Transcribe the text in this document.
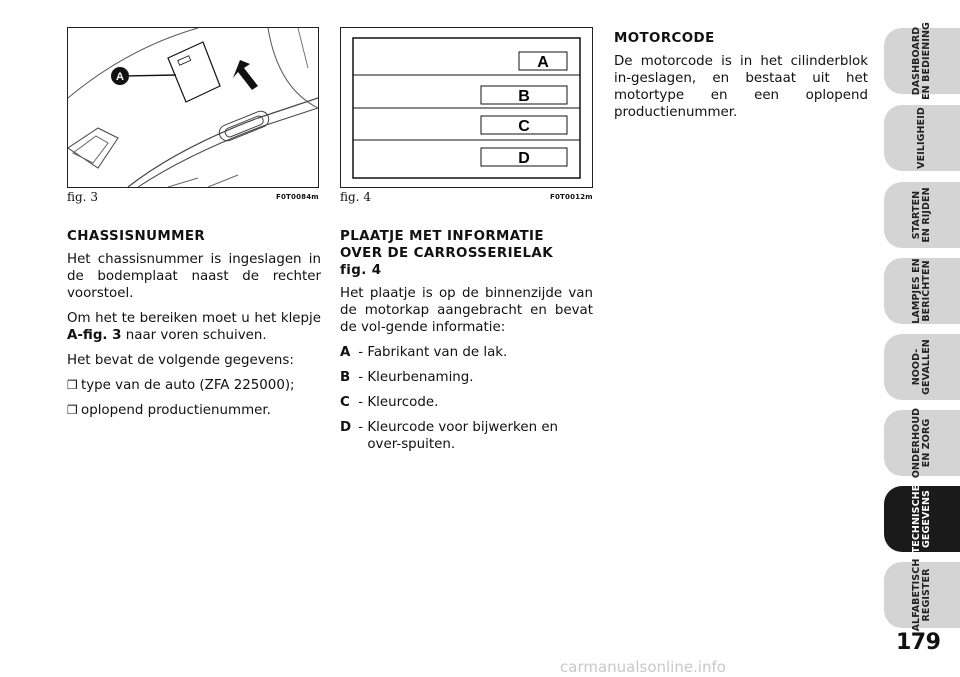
A
fig. 3	F0T0084m
A
B
C
D
fig. 4	F0T0012m
CHASSISNUMMER

Het chassisnummer is ingeslagen in de bodemplaat naast de rechter voorstoel.

Om het te bereiken moet u het klepje A-fig. 3 naar voren schuiven.

Het bevat de volgende gegevens:

❒ type van de auto (ZFA 225000);

❒ oplopend productienummer.

PLAATJE MET INFORMATIE
OVER DE CARROSSERIELAK
fig. 4

Het plaatje is op de binnenzijde van de motorkap aangebracht en bevat de vol-gende informatie:

A - Fabrikant van de lak.
B - Kleurbenaming.
C - Kleurcode.
D - Kleurcode voor bijwerken en over-spuiten.
MOTORCODE

De motorcode is in het cilinderblok in-geslagen, en bestaat uit het motortype en een oplopend productienummer.

DASHBOARD EN BEDIENING
VEILIGHEID
STARTEN EN RIJDEN
LAMPJES EN BERICHTEN
NOOD- GEVALLEN
ONDERHOUD EN ZORG
TECHNISCHE GEGEVENS
ALFABETISCH REGISTER
179
carmanualsonline.info
